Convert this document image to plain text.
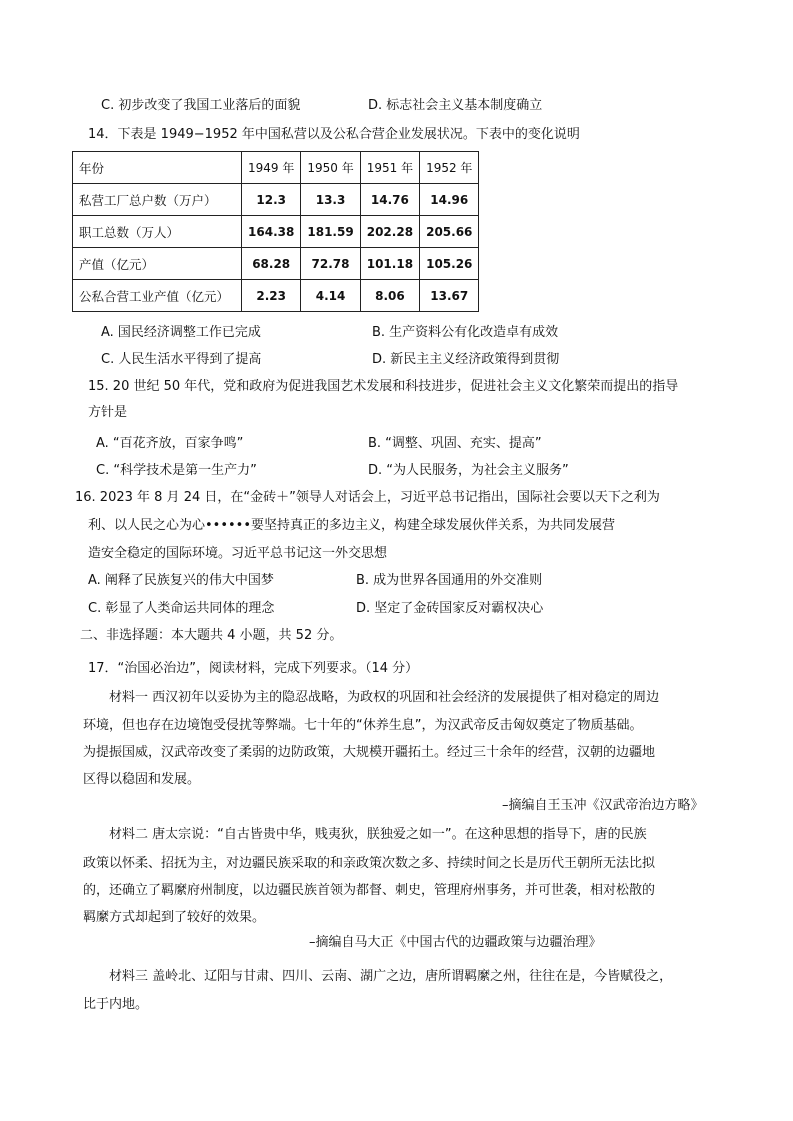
C. 初步改变了我国工业落后的面貌	D. 标志社会主义基本制度确立
14．下表是 1949−1952 年中国私营以及公私合营企业发展状况。下表中的变化说明
年份	1949 年	1950 年	1951 年	1952 年
私营工厂总户数（万户）	12.3	13.3	14.76	14.96
职工总数（万人）	164.38	181.59	202.28	205.66
产值（亿元）	68.28	72.78	101.18	105.26
公私合营工业产值（亿元）	2.23	4.14	8.06	13.67
A. 国民经济调整工作已完成	B. 生产资料公有化改造卓有成效
C. 人民生活水平得到了提高	D. 新民主主义经济政策得到贯彻
15. 20 世纪 50 年代，党和政府为促进我国艺术发展和科技进步，促进社会主义文化繁荣而提出的指导
方针是
A. “百花齐放，百家争鸣”	B. “调整、巩固、充实、提高”
C. “科学技术是第一生产力”	D. “为人民服务，为社会主义服务”
16. 2023 年 8 月 24 日，在“金砖＋”领导人对话会上，习近平总书记指出，国际社会要以天下之利为
利、以人民之心为心••••••要坚持真正的多边主义，构建全球发展伙伴关系，为共同发展营
造安全稳定的国际环境。习近平总书记这一外交思想
A. 阐释了民族复兴的伟大中国梦	B. 成为世界各国通用的外交准则
C. 彰显了人类命运共同体的理念	D. 坚定了金砖国家反对霸权决心
二、非选择题：本大题共 4 小题，共 52 分。
17．“治国必治边”，阅读材料，完成下列要求。（14 分）
材料一 西汉初年以妥协为主的隐忍战略，为政权的巩固和社会经济的发展提供了相对稳定的周边
环境，但也存在边境饱受侵扰等弊端。七十年的“休养生息”，为汉武帝反击匈奴奠定了物质基础。
为提振国威，汉武帝改变了柔弱的边防政策，大规模开疆拓土。经过三十余年的经营，汉朝的边疆地
区得以稳固和发展。
–摘编自王玉冲《汉武帝治边方略》
材料二 唐太宗说：“自古皆贵中华，贱夷狄，朕独爱之如一”。在这种思想的指导下，唐的民族
政策以怀柔、招抚为主，对边疆民族采取的和亲政策次数之多、持续时间之长是历代王朝所无法比拟
的，还确立了羁縻府州制度，以边疆民族首领为都督、刺史，管理府州事务，并可世袭，相对松散的
羁縻方式却起到了较好的效果。
–摘编自马大正《中国古代的边疆政策与边疆治理》
材料三 盖岭北、辽阳与甘肃、四川、云南、湖广之边，唐所谓羁縻之州，往往在是，今皆赋役之，
比于内地。
